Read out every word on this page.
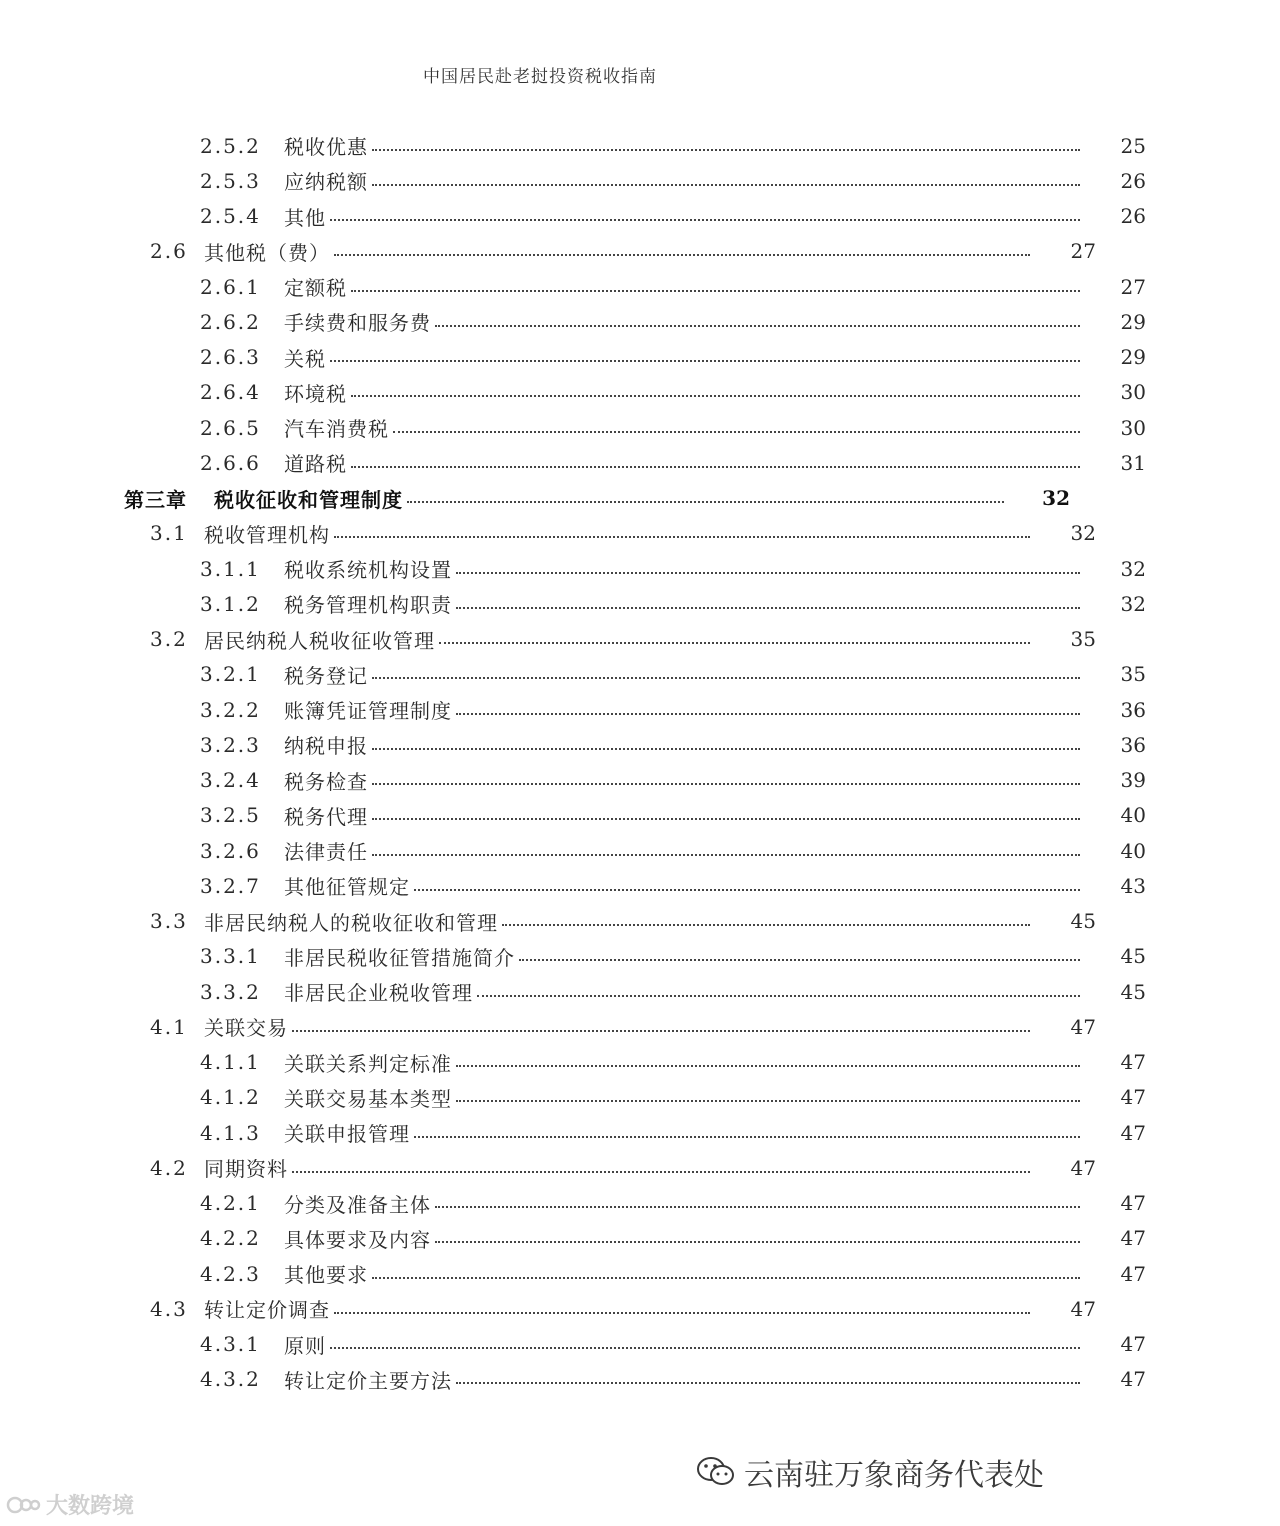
中国居民赴老挝投资税收指南
2.5.2	税收优惠	25
2.5.3	应纳税额	26
2.5.4	其他	26
2.6 其他税（费）	27
2.6.1	定额税	27
2.6.2	手续费和服务费	29
2.6.3	关税	29
2.6.4	环境税	30
2.6.5	汽车消费税	30
2.6.6	道路税	31
第三章	税收征收和管理制度	32
3.1 税收管理机构	32
3.1.1	税收系统机构设置	32
3.1.2	税务管理机构职责	32
3.2 居民纳税人税收征收管理	35
3.2.1	税务登记	35
3.2.2	账簿凭证管理制度	36
3.2.3	纳税申报	36
3.2.4	税务检查	39
3.2.5	税务代理	40
3.2.6	法律责任	40
3.2.7	其他征管规定	43
3.3 非居民纳税人的税收征收和管理	45
3.3.1	非居民税收征管措施简介	45
3.3.2	非居民企业税收管理	45
4.1 关联交易	47
4.1.1	关联关系判定标准	47
4.1.2	关联交易基本类型	47
4.1.3	关联申报管理	47
4.2 同期资料	47
4.2.1	分类及准备主体	47
4.2.2	具体要求及内容	47
4.2.3	其他要求	47
4.3 转让定价调查	47
4.3.1	原则	47
4.3.2	转让定价主要方法	47
大数跨境
云南驻万象商务代表处
